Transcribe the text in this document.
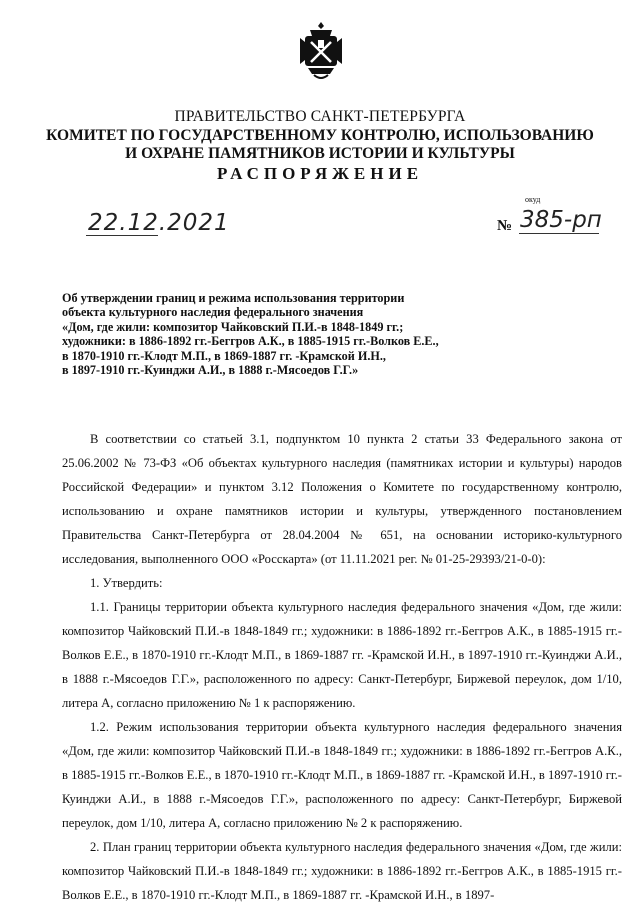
ПРАВИТЕЛЬСТВО САНКТ-ПЕТЕРБУРГА
КОМИТЕТ ПО ГОСУДАРСТВЕННОМУ КОНТРОЛЮ, ИСПОЛЬЗОВАНИЮ
И ОХРАНЕ ПАМЯТНИКОВ ИСТОРИИ И КУЛЬТУРЫ
РАСПОРЯЖЕНИЕ
окуд
22.12.2021	№ 385-рп
Об утверждении границ и режима использования территории
объекта культурного наследия федерального значения
«Дом, где жили: композитор Чайковский П.И.-в 1848-1849 гг.;
художники: в 1886-1892 гг.-Беггров А.К., в 1885-1915 гг.-Волков Е.Е.,
в 1870-1910 гг.-Клодт М.П., в 1869-1887 гг. -Крамской И.Н.,
в 1897-1910 гг.-Куинджи А.И., в 1888 г.-Мясоедов Г.Г.»

В соответствии со статьей 3.1, подпунктом 10 пункта 2 статьи 33 Федерального закона от 25.06.2002 № 73-ФЗ «Об объектах культурного наследия (памятниках истории и культуры) народов Российской Федерации» и пунктом 3.12 Положения о Комитете по государственному контролю, использованию и охране памятников истории и культуры, утвержденного постановлением Правительства Санкт-Петербурга от 28.04.2004 № 651, на основании историко-культурного исследования, выполненного ООО «Росскарта» (от 11.11.2021 рег. № 01-25-29393/21-0-0):

1. Утвердить:

1.1. Границы территории объекта культурного наследия федерального значения «Дом, где жили: композитор Чайковский П.И.-в 1848-1849 гг.; художники: в 1886-1892 гг.-Беггров А.К., в 1885-1915 гг.-Волков Е.Е., в 1870-1910 гг.-Клодт М.П., в 1869-1887 гг. -Крамской И.Н., в 1897-1910 гг.-Куинджи А.И., в 1888 г.-Мясоедов Г.Г.», расположенного по адресу: Санкт-Петербург, Биржевой переулок, дом 1/10, литера А, согласно приложению № 1 к распоряжению.

1.2. Режим использования территории объекта культурного наследия федерального значения «Дом, где жили: композитор Чайковский П.И.-в 1848-1849 гг.; художники: в 1886-1892 гг.-Беггров А.К., в 1885-1915 гг.-Волков Е.Е., в 1870-1910 гг.-Клодт М.П., в 1869-1887 гг. -Крамской И.Н., в 1897-1910 гг.-Куинджи А.И., в 1888 г.-Мясоедов Г.Г.», расположенного по адресу: Санкт-Петербург, Биржевой переулок, дом 1/10, литера А, согласно приложению № 2 к распоряжению.

2. План границ территории объекта культурного наследия федерального значения «Дом, где жили: композитор Чайковский П.И.-в 1848-1849 гг.; художники: в 1886-1892 гг.-Беггров А.К., в 1885-1915 гг.-Волков Е.Е., в 1870-1910 гг.-Клодт М.П., в 1869-1887 гг. -Крамской И.Н., в 1897-
